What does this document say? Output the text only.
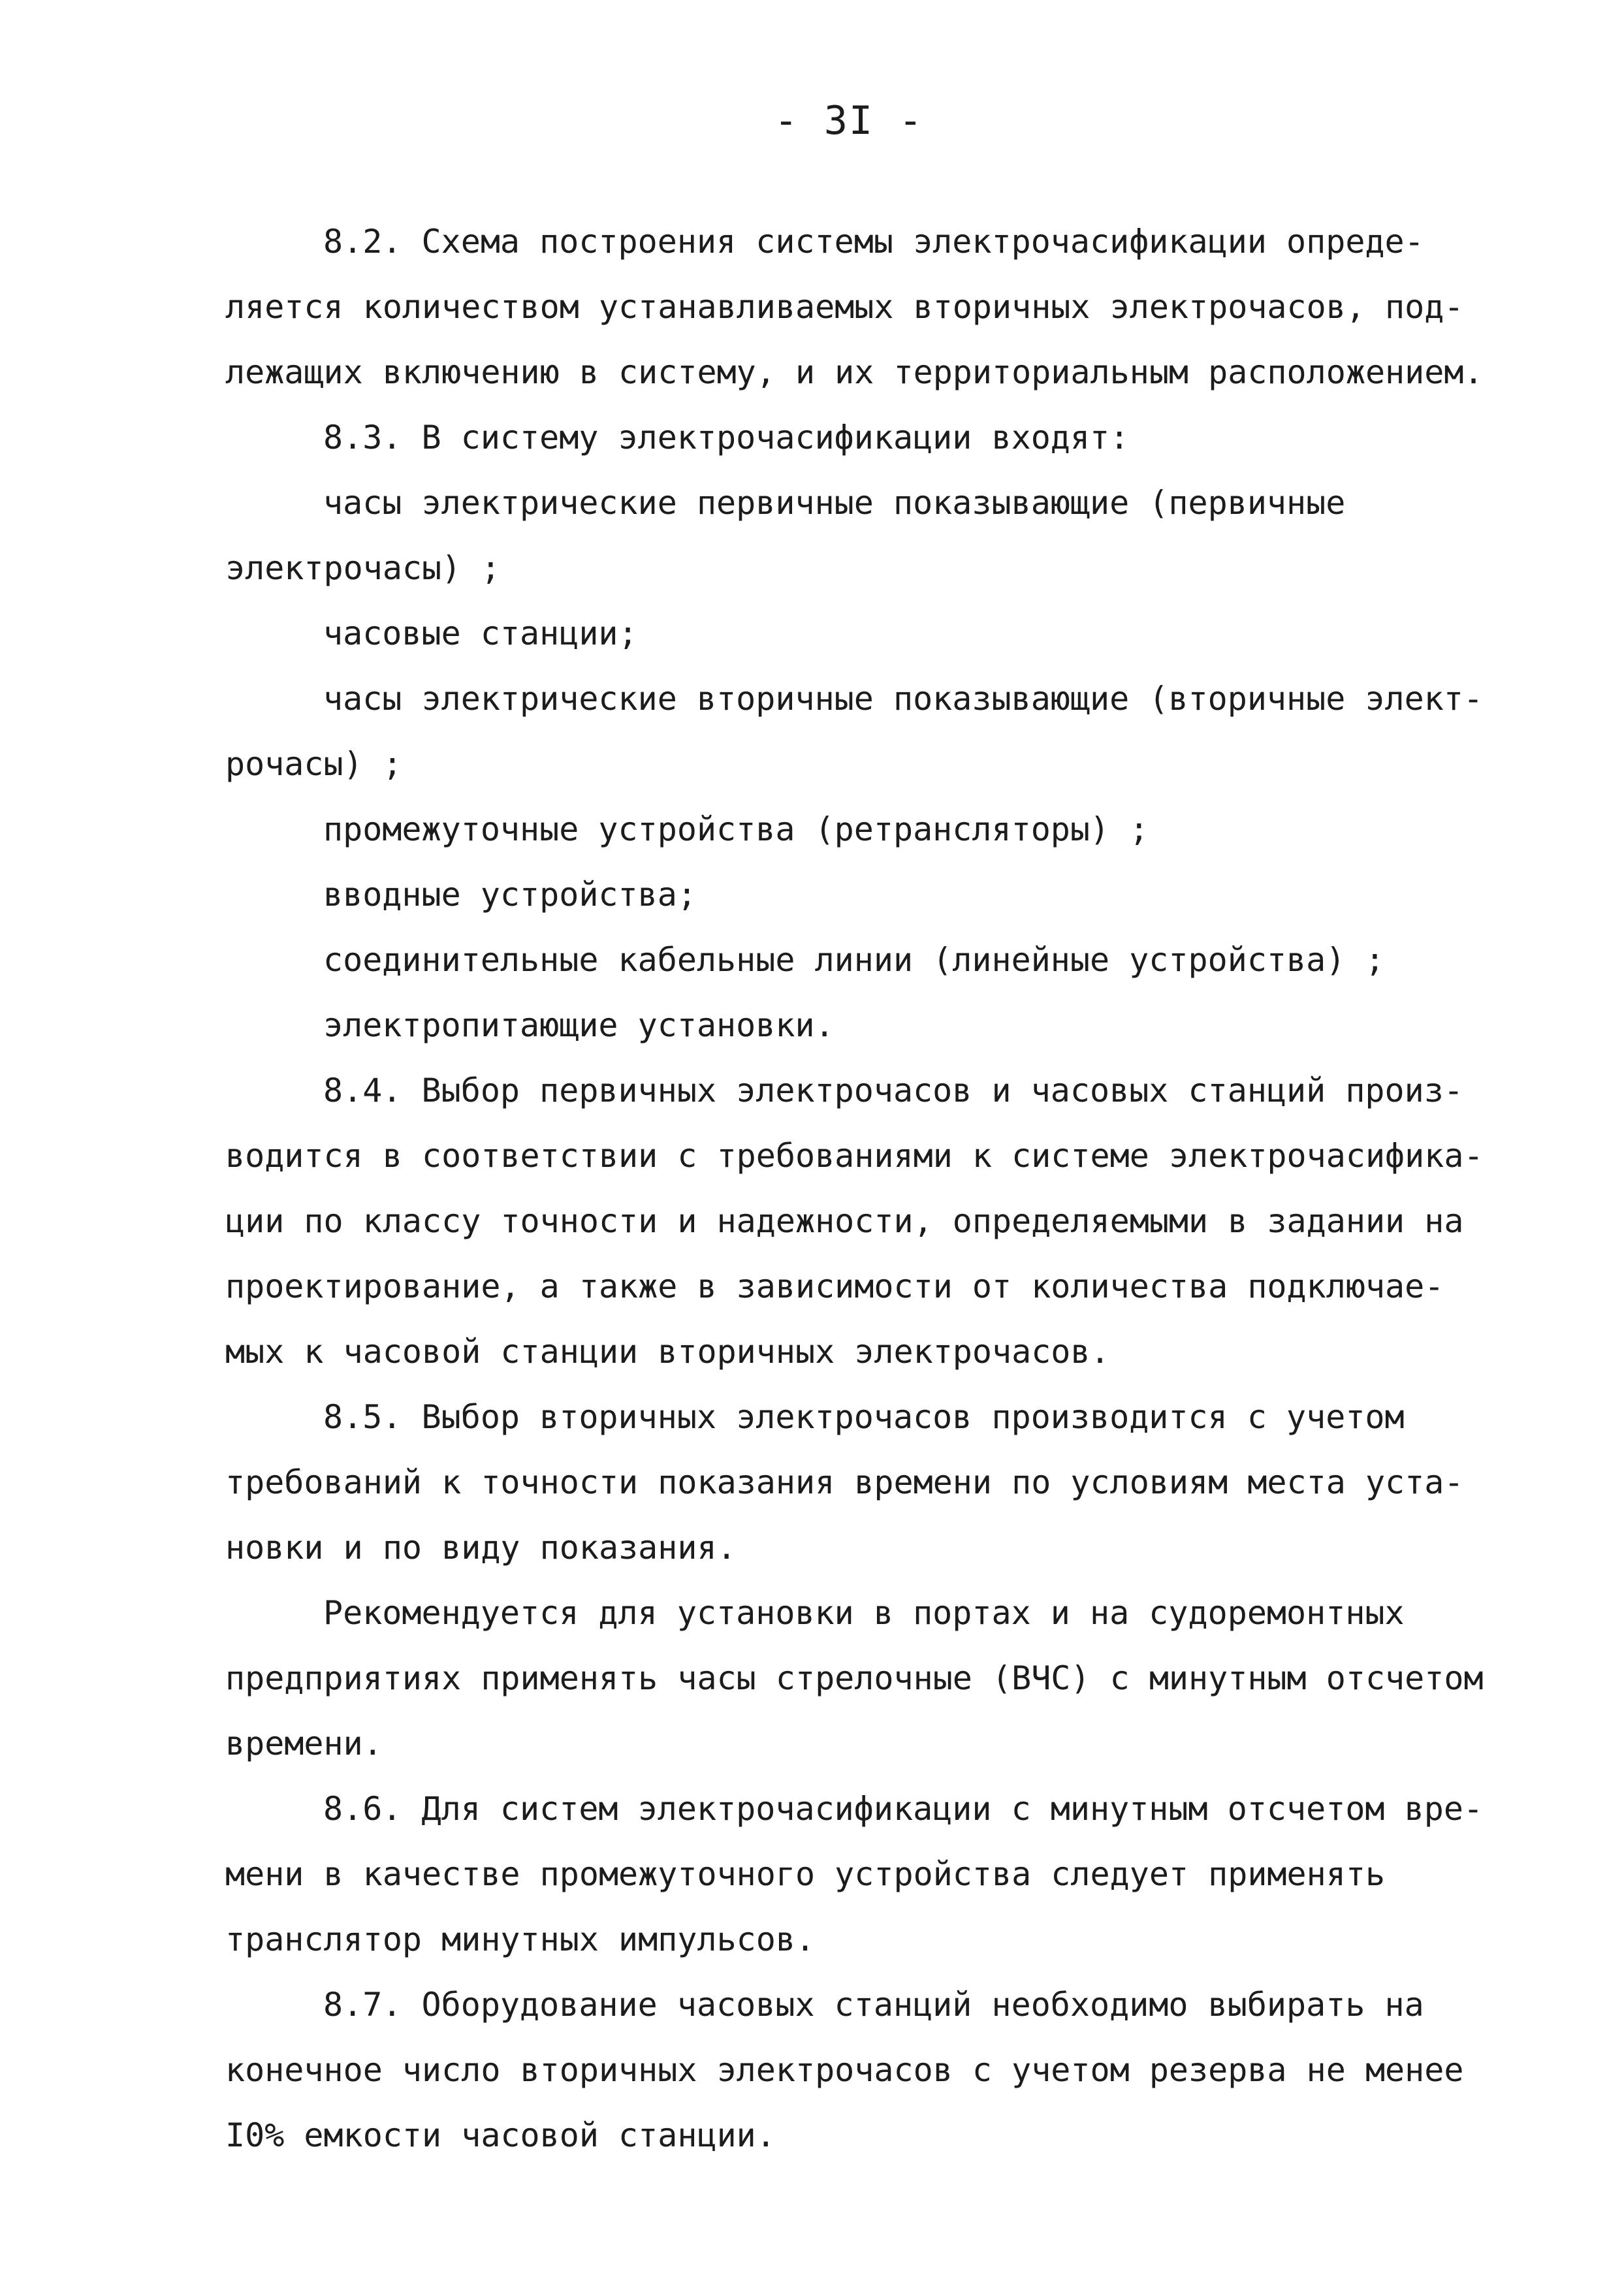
- 3I -
8.2. Схема построения системы электрочасификации опреде-
ляется количеством устанавливаемых вторичных электрочасов, под-
лежащих включению в систему, и их территориальным расположением.
8.3. В систему электрочасификации входят:
часы электрические первичные показывающие (первичные
электрочасы) ;
часовые станции;
часы электрические вторичные показывающие (вторичные элект-
рочасы) ;
промежуточные устройства (ретрансляторы) ;
вводные устройства;
соединительные кабельные линии (линейные устройства) ;
электропитающие установки.
8.4. Выбор первичных электрочасов и часовых станций произ-
водится в соответствии с требованиями к системе электрочасифика-
ции по классу точности и надежности, определяемыми в задании на
проектирование, а также в зависимости от количества подключае-
мых к часовой станции вторичных электрочасов.
8.5. Выбор вторичных электрочасов производится с учетом
требований к точности показания времени по условиям места уста-
новки и по виду показания.
Рекомендуется для установки в портах и на судоремонтных
предприятиях применять часы стрелочные (ВЧС) с минутным отсчетом
времени.
8.6. Для систем электрочасификации с минутным отсчетом вре-
мени в качестве промежуточного устройства следует применять
транслятор минутных импульсов.
8.7. Оборудование часовых станций необходимо выбирать на
конечное число вторичных электрочасов с учетом резерва не менее
I0% емкости часовой станции.
